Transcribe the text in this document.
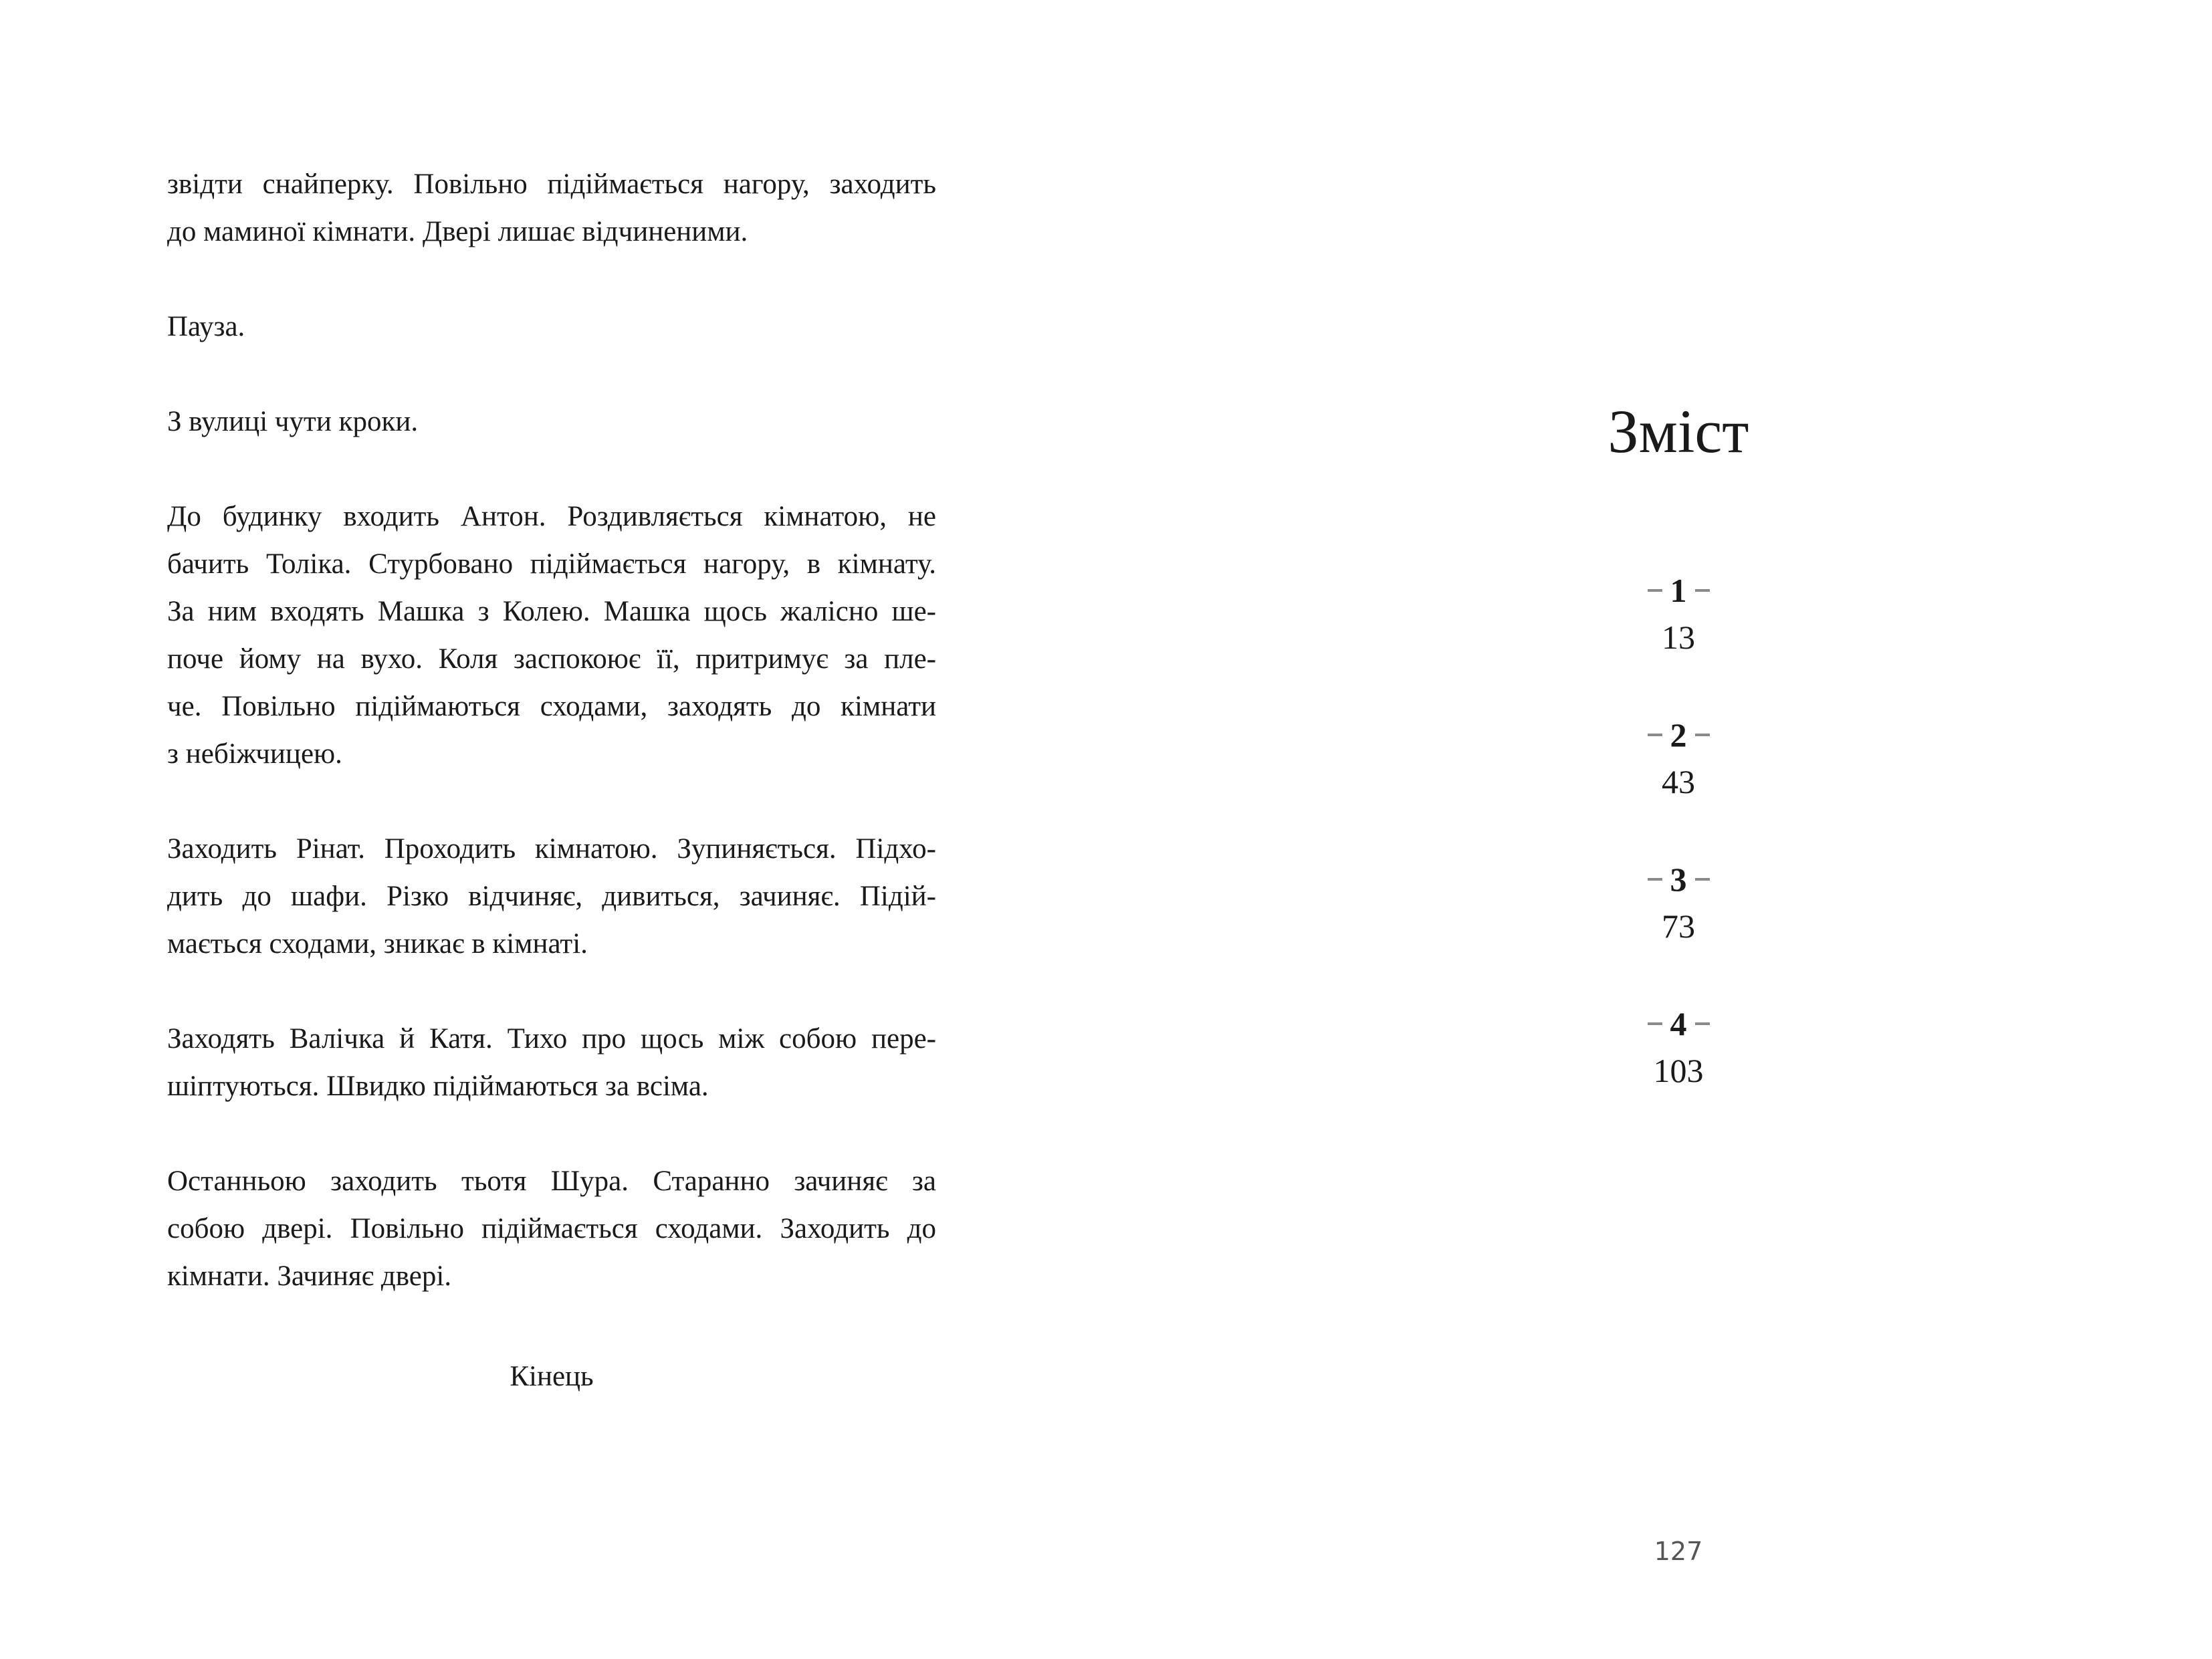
звідти снайперку. Повільно підіймається нагору, заходить
до маминої кімнати. Двері лишає відчиненими.
Пауза.
З вулиці чути кроки.
До будинку входить Антон. Роздивляється кімнатою, не
бачить Толіка. Стурбовано підіймається нагору, в кімнату.
За ним входять Машка з Колею. Машка щось жалісно ше-
поче йому на вухо. Коля заспокоює її, притримує за пле-
че. Повільно підіймаються сходами, заходять до кімнати
з небіжчицею.
Заходить Рінат. Проходить кімнатою. Зупиняється. Підхо-
дить до шафи. Різко відчиняє, дивиться, зачиняє. Підій-
мається сходами, зникає в кімнаті.
Заходять Валічка й Катя. Тихо про щось між собою пере-
шіптуються. Швидко підіймаються за всіма.
Останньою заходить тьотя Шура. Старанно зачиняє за
собою двері. Повільно підіймається сходами. Заходить до
кімнати. Зачиняє двері.
Кінець
Зміст
1
13
2
43
3
73
4
103
127
